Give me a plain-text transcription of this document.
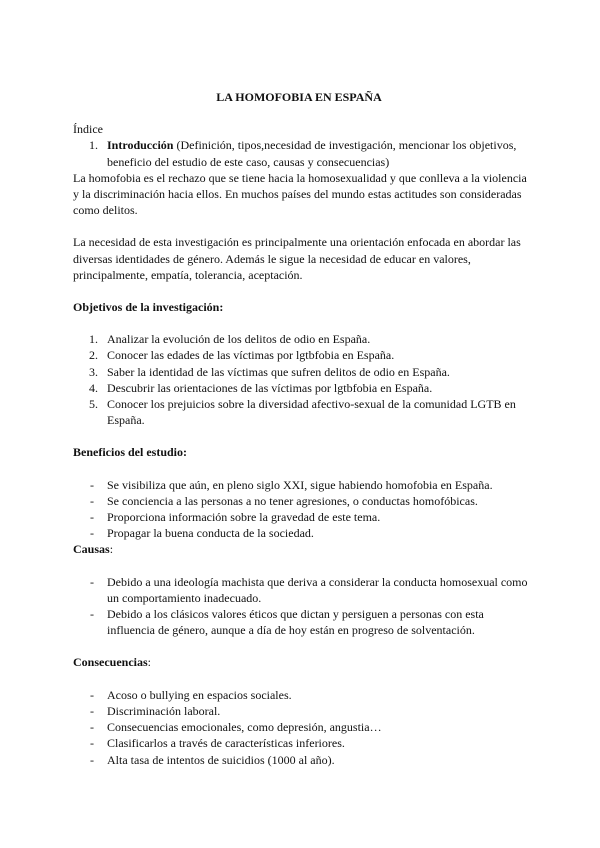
LA HOMOFOBIA EN ESPAÑA

Índice

1. Introducción (Definición, tipos,necesidad de investigación, mencionar los objetivos, beneficio del estudio de este caso, causas y consecuencias)

La homofobia es el rechazo que se tiene hacia la homosexualidad y que conlleva a la violencia y la discriminación hacia ellos. En muchos países del mundo estas actitudes son consideradas como delitos.

La necesidad de esta investigación es principalmente una orientación enfocada en abordar las diversas identidades de género. Además le sigue la necesidad de educar en valores, principalmente, empatía, tolerancia, aceptación.

Objetivos de la investigación:

1. Analizar la evolución de los delitos de odio en España.
2. Conocer las edades de las víctimas por lgtbfobia en España.
3. Saber la identidad de las víctimas que sufren delitos de odio en España.
4. Descubrir las orientaciones de las víctimas por lgtbfobia en España.
5. Conocer los prejuicios sobre la diversidad afectivo-sexual de la comunidad LGTB en España.

Beneficios del estudio:

- Se visibiliza que aún, en pleno siglo XXI, sigue habiendo homofobia en España.
- Se conciencia a las personas a no tener agresiones, o conductas homofóbicas.
- Proporciona información sobre la gravedad de este tema.
- Propagar la buena conducta de la sociedad.

Causas:

- Debido a una ideología machista que deriva a considerar la conducta homosexual como un comportamiento inadecuado.
- Debido a los clásicos valores éticos que dictan y persiguen a personas con esta influencia de género, aunque a día de hoy están en progreso de solventación.

Consecuencias:

- Acoso o bullying en espacios sociales.
- Discriminación laboral.
- Consecuencias emocionales, como depresión, angustia…
- Clasificarlos a través de características inferiores.
- Alta tasa de intentos de suicidios (1000 al año).
